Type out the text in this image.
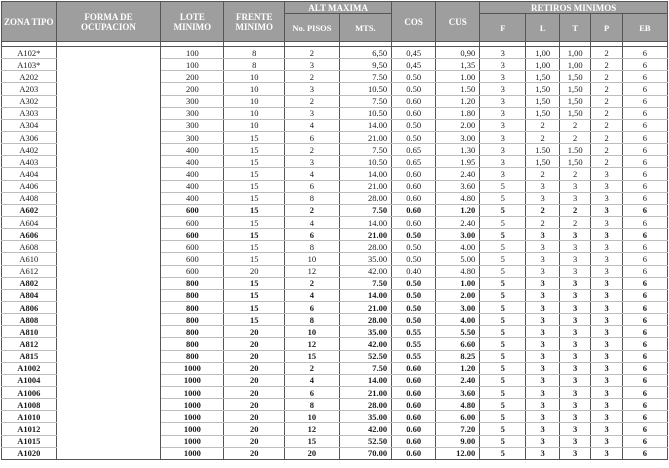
ZONA TIPO	FORMA DE OCUPACION	LOTE MINIMO	FRENTE MINIMO	ALT MAXIMA		COS	CUS	RETIROS MINIMOS				
				No. PISOS	MTS.			F	L	T	P	EB

A102*		100	8	2	6,50	0,45	0,90	3	1,00	1,00	2	6
A103*		100	8	3	9,50	0,45	1,35	3	1,00	1,00	2	6
A202		200	10	2	7.50	0.50	1.00	3	1,50	1,50	2	6
A203		200	10	3	10.50	0.50	1.50	3	1,50	1,50	2	6
A302		300	10	2	7.50	0.60	1.20	3	1,50	1,50	2	6
A303		300	10	3	10.50	0.60	1.80	3	1,50	1,50	2	6
A304		300	10	4	14.00	0.50	2.00	3	2	2	2	6
A306		300	15	6	21.00	0.50	3.00	3	2	2	2	6
A402		400	15	2	7.50	0.65	1.30	3	1.50	1.50	2	6
A403		400	15	3	10.50	0.65	1.95	3	1,50	1,50	2	6
A404		400	15	4	14.00	0.60	2.40	3	2	2	3	6
A406		400	15	6	21.00	0.60	3.60	5	3	3	3	6
A408		400	15	8	28.00	0.60	4.80	5	3	3	3	6
A602		600	15	2	7.50	0.60	1.20	5	2	2	3	6
A604		600	15	4	14.00	0.60	2.40	5	2	2	3	6
A606		600	15	6	21.00	0.50	3.00	5	3	3	3	6
A608		600	15	8	28.00	0.50	4.00	5	3	3	3	6
A610		600	15	10	35.00	0.50	5.00	5	3	3	3	6
A612		600	20	12	42.00	0.40	4.80	5	3	3	3	6
A802		800	15	2	7.50	0.50	1.00	5	3	3	3	6
A804		800	15	4	14.00	0.50	2.00	5	3	3	3	6
A806		800	15	6	21.00	0.50	3.00	5	3	3	3	6
A808		800	15	8	28.00	0.50	4.00	5	3	3	3	6
A810		800	20	10	35.00	0.55	5.50	5	3	3	3	6
A812		800	20	12	42.00	0.55	6.60	5	3	3	3	6
A815		800	20	15	52.50	0.55	8.25	5	3	3	3	6
A1002		1000	20	2	7.50	0.60	1.20	5	3	3	3	6
A1004		1000	20	4	14.00	0.60	2.40	5	3	3	3	6
A1006		1000	20	6	21.00	0.60	3.60	5	3	3	3	6
A1008		1000	20	8	28.00	0.60	4.80	5	3	3	3	6
A1010		1000	20	10	35.00	0.60	6.00	5	3	3	3	6
A1012		1000	20	12	42.00	0.60	7.20	5	3	3	3	6
A1015		1000	20	15	52.50	0.60	9.00	5	3	3	3	6
A1020		1000	20	20	70.00	0.60	12.00	5	3	3	3	6
